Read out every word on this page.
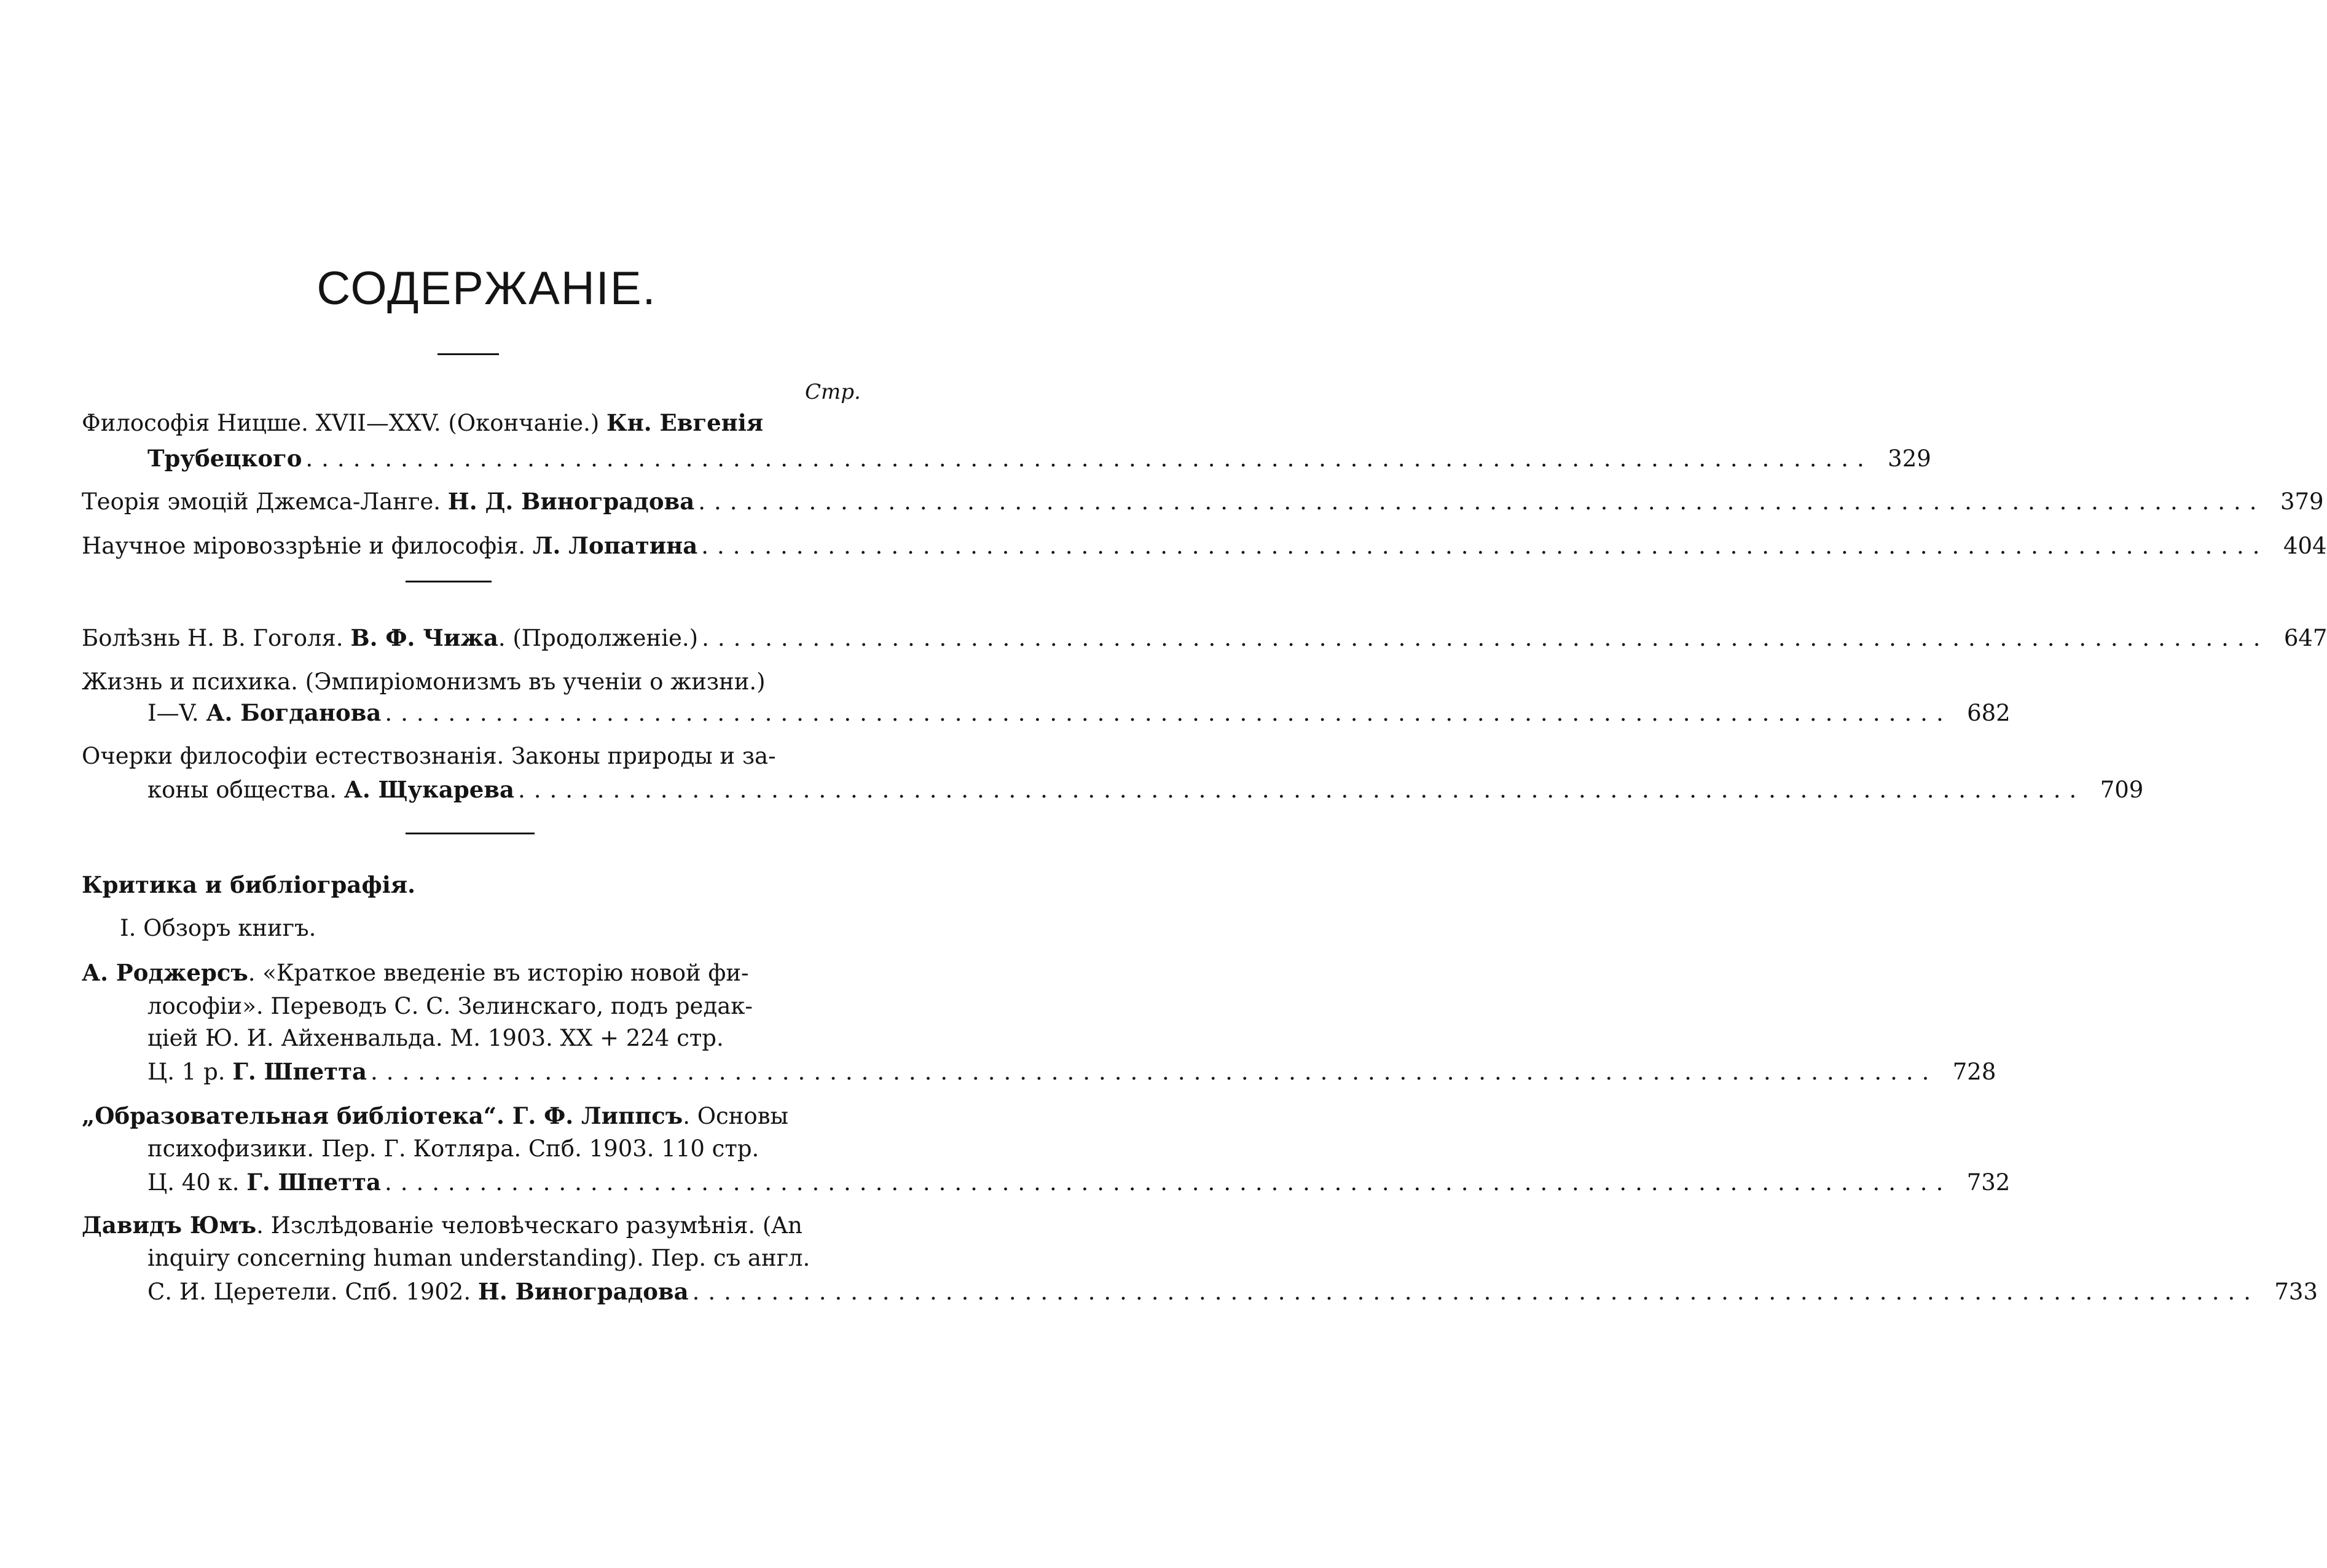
СОДЕРЖАНІЕ.
Стр.
Философія Ницше. XVII—XXV. (Окончаніе.) Кн. Евгенія
Трубецкого ................................................................................................... 329
Теорія эмоцій Джемса-Ланге. Н. Д. Виноградова ................................................................................................... 379
Научное міровоззрѣніе и философія. Л. Лопатина ................................................................................................... 404
Болѣзнь Н. В. Гоголя. В. Ф. Чижа. (Продолженіе.) ................................................................................................... 647
Жизнь и психика. (Эмпиріомонизмъ въ ученіи о жизни.)
I—V. А. Богданова ................................................................................................... 682
Очерки философіи естествознанія. Законы природы и за-
коны общества. А. Щукарева ................................................................................................... 709
Критика и библіографія.
I. Обзоръ книгъ.
А. Роджерсъ. «Краткое введеніе въ исторію новой фи-
лософіи». Переводъ С. С. Зелинскаго, подъ редак-
ціей Ю. И. Айхенвальда. М. 1903. XX + 224 стр.
Ц. 1 р. Г. Шпетта ................................................................................................... 728
„Образовательная библіотека“. Г. Ф. Липпсъ. Основы
психофизики. Пер. Г. Котляра. Спб. 1903. 110 стр.
Ц. 40 к. Г. Шпетта ................................................................................................... 732
Давидъ Юмъ. Изслѣдованіе человѣческаго разумѣнія. (An
inquiry concerning human understanding). Пер. съ англ.
С. И. Церетели. Спб. 1902. Н. Виноградова ................................................................................................... 733
